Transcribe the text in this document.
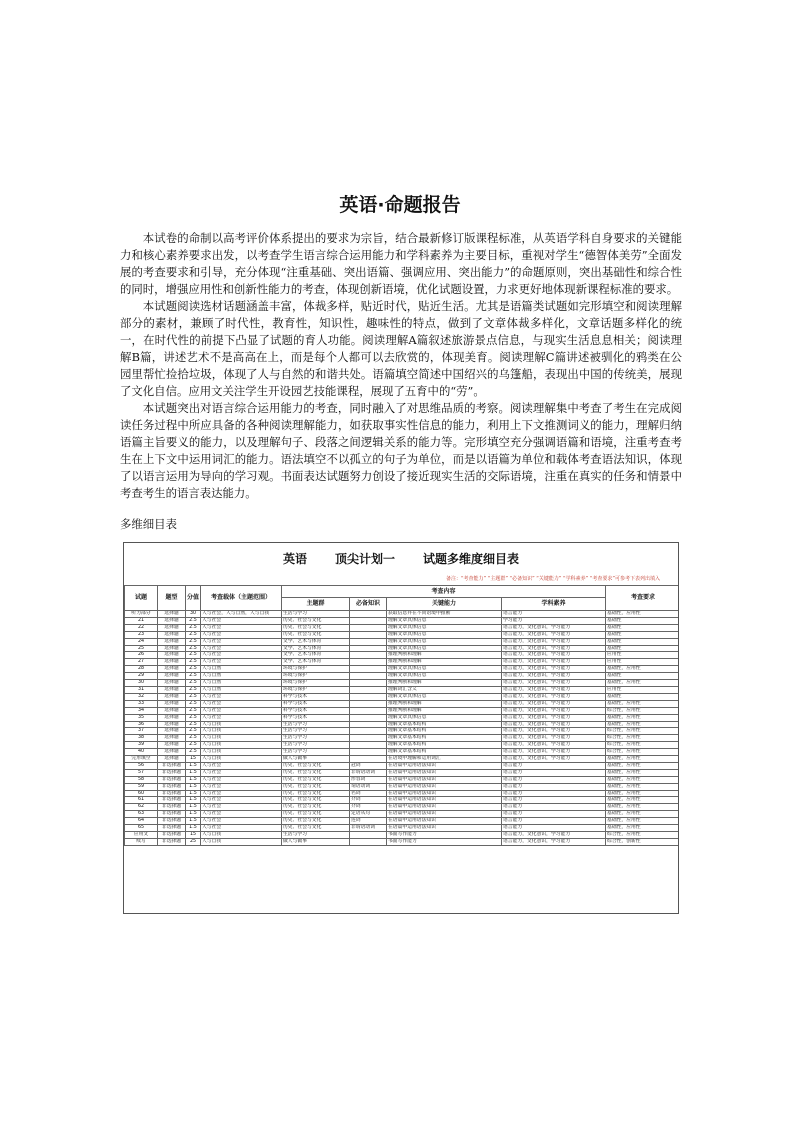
英语·命题报告

本试卷的命制以高考评价体系提出的要求为宗旨，结合最新修订版课程标准，从英语学科自身要求的关键能力和核心素养要求出发，以考查学生语言综合运用能力和学科素养为主要目标，重视对学生“德智体美劳”全面发展的考查要求和引导，充分体现“注重基础、突出语篇、强调应用、突出能力”的命题原则，突出基础性和综合性的同时，增强应用性和创新性能力的考查，体现创新语境，优化试题设置，力求更好地体现新课程标准的要求。

本试题阅读选材话题涵盖丰富，体裁多样，贴近时代，贴近生活。尤其是语篇类试题如完形填空和阅读理解部分的素材，兼顾了时代性，教育性，知识性，趣味性的特点，做到了文章体裁多样化，文章话题多样化的统一，在时代性的前提下凸显了试题的育人功能。阅读理解A篇叙述旅游景点信息，与现实生活息息相关；阅读理解B篇，讲述艺术不是高高在上，而是每个人都可以去欣赏的，体现美育。阅读理解C篇讲述被驯化的鸦类在公园里帮忙捡拾垃圾，体现了人与自然的和谐共处。语篇填空简述中国绍兴的乌篷船，表现出中国的传统美，展现了文化自信。应用文关注学生开设园艺技能课程，展现了五育中的“劳”。

本试题突出对语言综合运用能力的考查，同时融入了对思维品质的考察。阅读理解集中考查了考生在完成阅读任务过程中所应具备的各种阅读理解能力，如获取事实性信息的能力，利用上下文推测词义的能力，理解归纳语篇主旨要义的能力，以及理解句子、段落之间逻辑关系的能力等。完形填空充分强调语篇和语境，注重考查考生在上下文中运用词汇的能力。语法填空不以孤立的句子为单位，而是以语篇为单位和载体考查语法知识，体现了以语言运用为导向的学习观。书面表达试题努力创设了接近现实生活的交际语境，注重在真实的任务和情景中考查考生的语言表达能力。

多维细目表
英语 顶尖计划一 试题多维度细目表
备注：“考查能力” “主题群” “必备知识” “关键能力” “学科素养” “考查要求”可参考下表列出填入
试题	题型	分值	考查载体（主题范围）	考查内容				考查要求
				主题群	必备知识	关键能力	学科素养	
听力部分	选择题	30	人与社会，人与自然，人与自我	生活与学习		获取信息并在不同语境中推断	语言能力	基础性，应用性
21	选择题	2.5	人与社会	历史、社会与文化		理解文章具体信息	学习能力	基础性
22	选择题	2.5	人与社会	历史、社会与文化		理解文章具体信息	语言能力，文化意识，学习能力	基础性
23	选择题	2.5	人与社会	历史、社会与文化		理解文章具体信息	语言能力，文化意识，学习能力	基础性
24	选择题	2.5	人与社会	文学、艺术与体育		理解文章具体信息	语言能力，文化意识，学习能力	基础性
25	选择题	2.5	人与社会	文学、艺术与体育		理解文章具体信息	语言能力，文化意识，学习能力	基础性
26	选择题	2.5	人与社会	文学、艺术与体育		推理判断和理解	语言能力，文化意识，学习能力	应用性
27	选择题	2.5	人与社会	文学、艺术与体育		推理判断和理解	语言能力，文化意识，学习能力	应用性
28	选择题	2.5	人与自然	环境与保护		理解文章具体信息	语言能力，文化意识，学习能力	基础性，应用性
29	选择题	2.5	人与自然	环境与保护		理解文章具体信息	语言能力，文化意识，学习能力	基础性
30	选择题	2.5	人与自然	环境与保护		推理判断和理解	语言能力，文化意识，学习能力	基础性，应用性
31	选择题	2.5	人与自然	环境与保护		理解词汇含义	语言能力，文化意识，学习能力	应用性
32	选择题	2.5	人与社会	科学与技术		理解文章具体信息	语言能力，文化意识，学习能力	基础性
33	选择题	2.5	人与社会	科学与技术		推理判断和理解	语言能力，文化意识，学习能力	基础性，应用性
34	选择题	2.5	人与社会	科学与技术		推理判断和理解	语言能力，文化意识，学习能力	综合性，应用性
35	选择题	2.5	人与社会	科学与技术		理解文章具体信息	语言能力，文化意识，学习能力	基础性，应用性
36	选择题	2.5	人与自我	生活与学习		理解文章基本结构	语言能力，文化意识，学习能力	基础性，应用性
37	选择题	2.5	人与自我	生活与学习		理解文章基本结构	语言能力，文化意识，学习能力	综合性，应用性
38	选择题	2.5	人与自我	生活与学习		理解文章基本结构	语言能力，文化意识，学习能力	综合性，应用性
39	选择题	2.5	人与自我	生活与学习		理解文章基本结构	语言能力，文化意识，学习能力	综合性，应用性
40	选择题	2.5	人与自我	生活与学习		理解文章基本结构	语言能力，文化意识，学习能力	综合性，应用性
完形填空	选择题	15	人与自我	做人与做事		在语境中理解和运用词汇	语言能力，文化意识，学习能力	基础性，应用性
56	非选择题	1.5	人与社会	历史、社会与文化	冠词	在语篇中运用语法知识	语言能力	基础性，应用性
57	非选择题	1.5	人与社会	历史、社会与文化	非谓语动词	在语篇中运用语法知识	语言能力	基础性，应用性
58	非选择题	1.5	人与社会	历史、社会与文化	形容词	在语篇中运用语法知识	语言能力	基础性，应用性
59	非选择题	1.5	人与社会	历史、社会与文化	谓语动词	在语篇中运用语法知识	语言能力	基础性，应用性
60	非选择题	1.5	人与社会	历史、社会与文化	名词	在语篇中运用语法知识	语言能力	基础性，应用性
61	非选择题	1.5	人与社会	历史、社会与文化	介词	在语篇中运用语法知识	语言能力	基础性，应用性
62	非选择题	1.5	人与社会	历史、社会与文化	介词	在语篇中运用语法知识	语言能力	基础性，应用性
63	非选择题	1.5	人与社会	历史、社会与文化	定语从句	在语篇中运用语法知识	语言能力	基础性，应用性
64	非选择题	1.5	人与社会	历史、社会与文化	连词	在语篇中运用语法知识	语言能力	基础性，应用性
65	非选择题	1.5	人与社会	历史、社会与文化	非谓语动词	在语篇中运用语法知识	语言能力	基础性，应用性
应用文	非选择题	15	人与自我	生活与学习		书面写作能力	语言能力，文化意识，学习能力	综合性，应用性
续写	非选择题	25	人与自我	做人与做事		书面写作能力	语言能力，文化意识，学习能力	综合性，创新性
